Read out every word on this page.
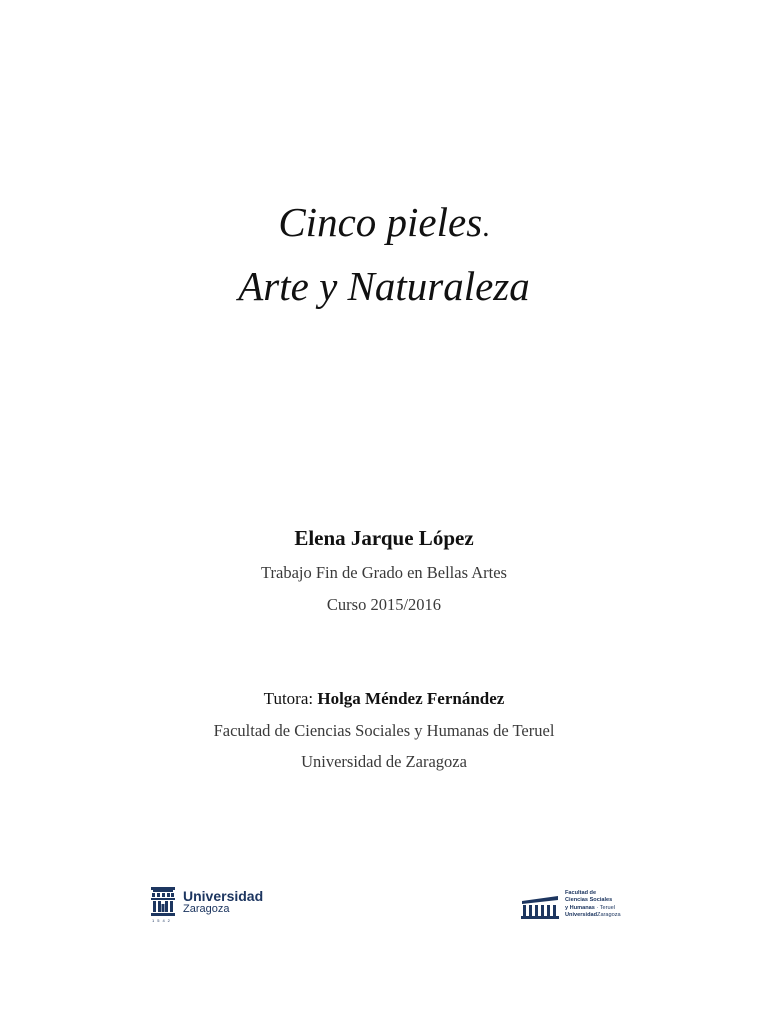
Cinco pieles.
Arte y Naturaleza
Elena Jarque López
Trabajo Fin de Grado en Bellas Artes
Curso 2015/2016
Tutora: Holga Méndez Fernández
Facultad de Ciencias Sociales y Humanas de Teruel
Universidad de Zaragoza
Universidad
Zaragoza
1542
Facultad de
Ciencias Sociales
y Humanas · Teruel
UniversidadZaragoza
